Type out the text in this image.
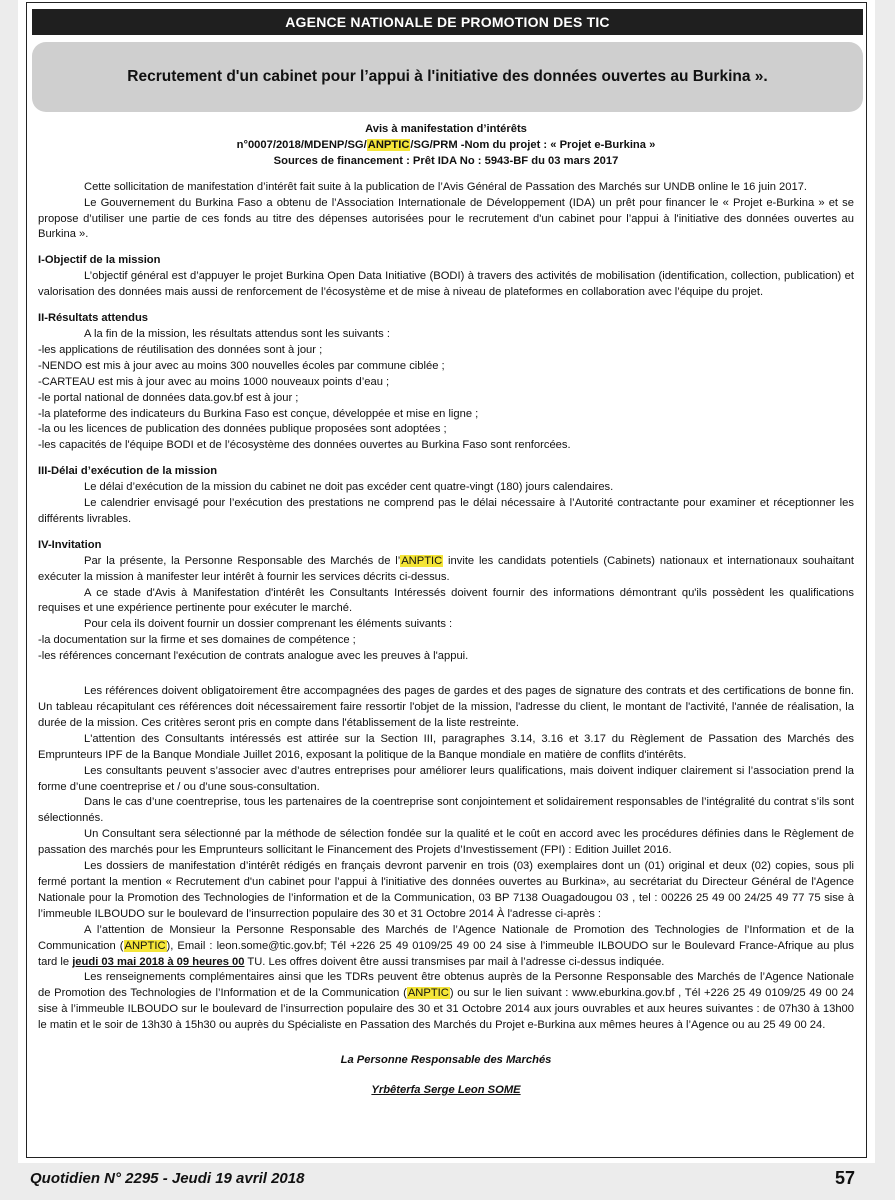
AGENCE NATIONALE DE PROMOTION DES TIC
Recrutement d'un cabinet pour l’appui à l'initiative des données ouvertes au Burkina ».
Avis à manifestation d’intérêts
n°0007/2018/MDENP/SG/ANPTIC/SG/PRM -Nom du projet : « Projet e-Burkina »
Sources de financement : Prêt IDA No : 5943-BF du 03 mars 2017

Cette sollicitation de manifestation d’intérêt fait suite à la publication de l’Avis Général de Passation des Marchés sur UNDB online le 16 juin 2017.

Le Gouvernement du Burkina Faso a obtenu de l’Association Internationale de Développement (IDA) un prêt pour financer le « Projet e-Burkina » et se propose d’utiliser une partie de ces fonds au titre des dépenses autorisées pour le recrutement d'un cabinet pour l’appui à l'initiative des données ouvertes au Burkina ».

I-Objectif de la mission

L’objectif général est d’appuyer le projet Burkina Open Data Initiative (BODI) à travers des activités de mobilisation (identification, collection, publication) et valorisation des données mais aussi de renforcement de l’écosystème et de mise à niveau de plateformes en collaboration avec l’équipe du projet.

II-Résultats attendus

A la fin de la mission, les résultats attendus sont les suivants :

-les applications de réutilisation des données sont à jour ;

-NENDO est mis à jour avec au moins 300 nouvelles écoles par commune ciblée ;

-CARTEAU est mis à jour avec au moins 1000 nouveaux points d’eau ;

-le portal national de données data.gov.bf est à jour ;

-la plateforme des indicateurs du Burkina Faso est conçue, développée et mise en ligne ;

-la ou les licences de publication des données publique proposées sont adoptées ;

-les capacités de l'équipe BODI et de l’écosystème des données ouvertes au Burkina Faso sont renforcées.

III-Délai d’exécution de la mission

Le délai d’exécution de la mission du cabinet ne doit pas excéder cent quatre-vingt (180) jours calendaires.

Le calendrier envisagé pour l’exécution des prestations ne comprend pas le délai nécessaire à l’Autorité contractante pour examiner et réceptionner les différents livrables.

IV-Invitation

Par la présente, la Personne Responsable des Marchés de l’ANPTIC invite les candidats potentiels (Cabinets) nationaux et internationaux souhaitant exécuter la mission à manifester leur intérêt à fournir les services décrits ci-dessus.

A ce stade d'Avis à Manifestation d'intérêt les Consultants Intéressés doivent fournir des informations démontrant qu'ils possèdent les qualifications requises et une expérience pertinente pour exécuter le marché.

Pour cela ils doivent fournir un dossier comprenant les éléments suivants :

-la documentation sur la firme et ses domaines de compétence ;

-les références concernant l'exécution de contrats analogue avec les preuves à l'appui.

Les références doivent obligatoirement être accompagnées des pages de gardes et des pages de signature des contrats et des certifications de bonne fin. Un tableau récapitulant ces références doit nécessairement faire ressortir l'objet de la mission, l'adresse du client, le montant de l'activité, l'année de réalisation, la durée de la mission. Ces critères seront pris en compte dans l'établissement de la liste restreinte.

L'attention des Consultants intéressés est attirée sur la Section III, paragraphes 3.14, 3.16 et 3.17 du Règlement de Passation des Marchés des Emprunteurs IPF de la Banque Mondiale Juillet 2016, exposant la politique de la Banque mondiale en matière de conflits d'intérêts.

Les consultants peuvent s’associer avec d’autres entreprises pour améliorer leurs qualifications, mais doivent indiquer clairement si l’association prend la forme d’une coentreprise et / ou d’une sous-consultation.

Dans le cas d’une coentreprise, tous les partenaires de la coentreprise sont conjointement et solidairement responsables de l’intégralité du contrat s’ils sont sélectionnés.

Un Consultant sera sélectionné par la méthode de sélection fondée sur la qualité et le coût en accord avec les procédures définies dans le Règlement de passation des marchés pour les Emprunteurs sollicitant le Financement des Projets d’Investissement (FPI) : Edition Juillet 2016.

Les dossiers de manifestation d’intérêt rédigés en français devront parvenir en trois (03) exemplaires dont un (01) original et deux (02) copies, sous pli fermé portant la mention « Recrutement d'un cabinet pour l’appui à l'initiative des données ouvertes au Burkina», au secrétariat du Directeur Général de l'Agence Nationale pour la Promotion des Technologies de l’information et de la Communication, 03 BP 7138 Ouagadougou 03 , tel : 00226 25 49 00 24/25 49 77 75 sise à l’immeuble ILBOUDO sur le boulevard de l’insurrection populaire des 30 et 31 Octobre 2014 À l'adresse ci-après :

A l’attention de Monsieur la Personne Responsable des Marchés de l’Agence Nationale de Promotion des Technologies de l’Information et de la Communication (ANPTIC), Email : leon.some@tic.gov.bf; Tél +226 25 49 0109/25 49 00 24 sise à l’immeuble ILBOUDO sur le Boulevard France-Afrique au plus tard le jeudi 03 mai 2018 à 09 heures 00 TU. Les offres doivent être aussi transmises par mail à l’adresse ci-dessus indiquée.

Les renseignements complémentaires ainsi que les TDRs peuvent être obtenus auprès de la Personne Responsable des Marchés de l’Agence Nationale de Promotion des Technologies de l’Information et de la Communication (ANPTIC) ou sur le lien suivant : www.eburkina.gov.bf , Tél +226 25 49 0109/25 49 00 24 sise à l’immeuble ILBOUDO sur le boulevard de l’insurrection populaire des 30 et 31 Octobre 2014 aux jours ouvrables et aux heures suivantes : de 07h30 à 13h00 le matin et le soir de 13h30 à 15h30 ou auprès du Spécialiste en Passation des Marchés du Projet e-Burkina aux mêmes heures à l’Agence ou au 25 49 00 24.

La Personne Responsable des Marchés
Yrbêterfa Serge Leon SOME
Quotidien N° 2295 - Jeudi 19 avril 2018	57
